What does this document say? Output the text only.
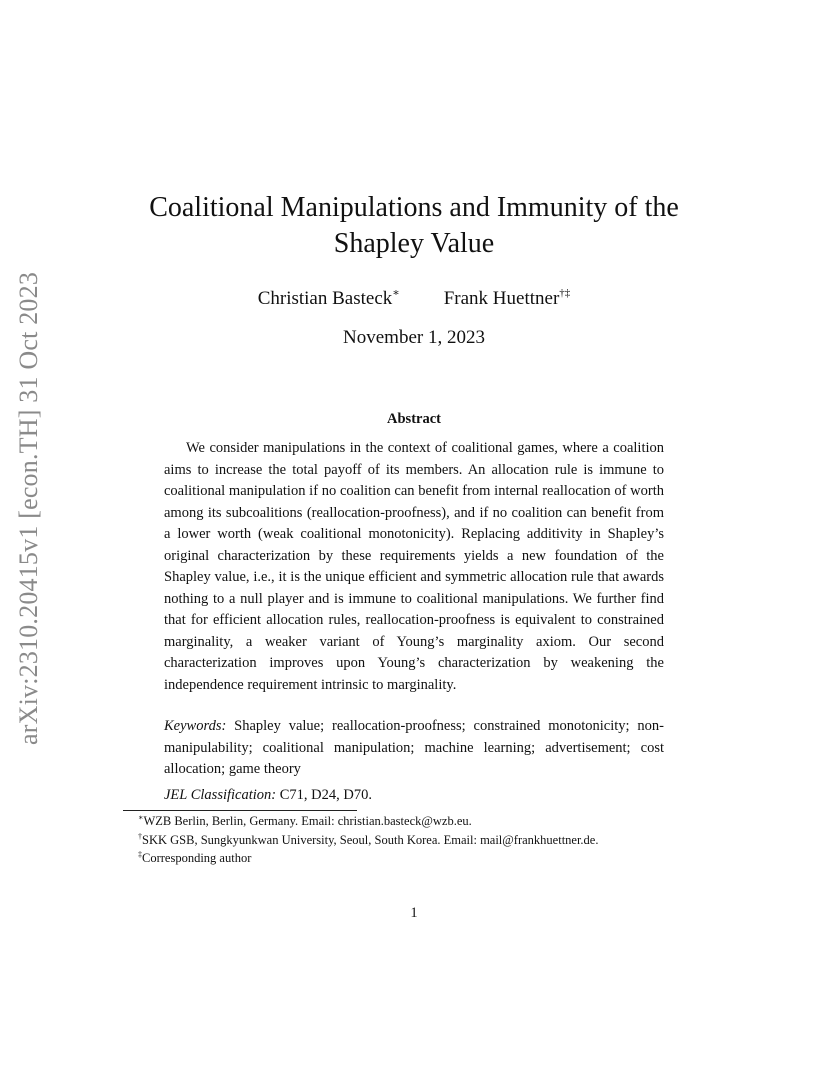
arXiv:2310.20415v1 [econ.TH] 31 Oct 2023
Coalitional Manipulations and Immunity of the Shapley Value
Christian Basteck∗ Frank Huettner†‡
November 1, 2023
Abstract

We consider manipulations in the context of coalitional games, where a coalition aims to increase the total payoff of its members. An allocation rule is immune to coalitional manipulation if no coalition can benefit from internal reallocation of worth among its subcoalitions (reallocation-proofness), and if no coalition can benefit from a lower worth (weak coalitional monotonicity). Replacing additivity in Shapley’s original characterization by these requirements yields a new foundation of the Shapley value, i.e., it is the unique efficient and symmetric allocation rule that awards nothing to a null player and is immune to coalitional manipulations. We further find that for efficient allocation rules, reallocation-proofness is equivalent to constrained marginality, a weaker variant of Young’s marginality axiom. Our second characterization improves upon Young’s characterization by weakening the independence requirement intrinsic to marginality.

Keywords: Shapley value; reallocation-proofness; constrained monotonicity; non-manipulability; coalitional manipulation; machine learning; advertisement; cost allocation; game theory

JEL Classification: C71, D24, D70.

∗WZB Berlin, Berlin, Germany. Email: christian.basteck@wzb.eu.
†SKK GSB, Sungkyunkwan University, Seoul, South Korea. Email: mail@frankhuettner.de.
‡Corresponding author
1
